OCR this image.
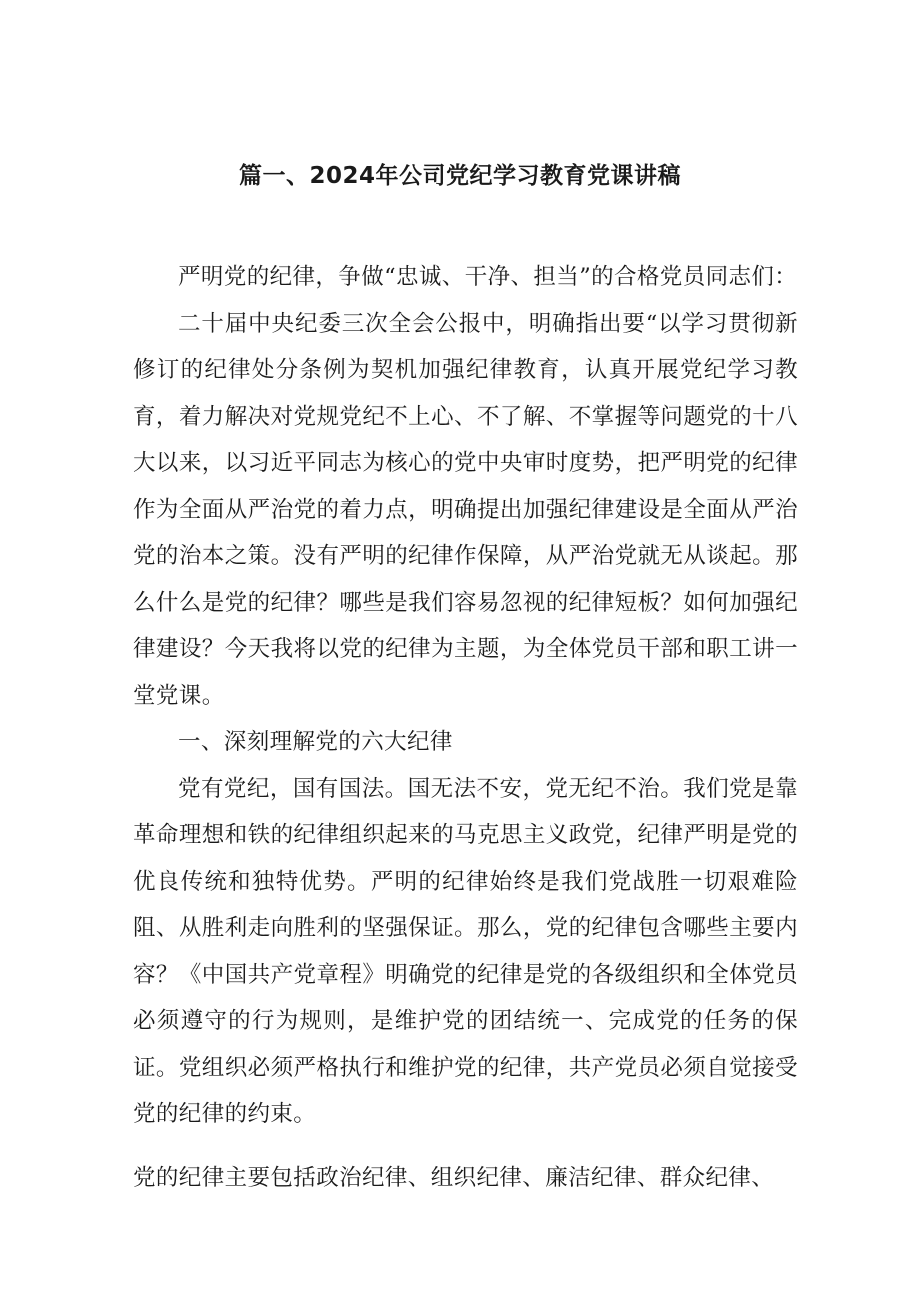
篇一、2024年公司党纪学习教育党课讲稿

严明党的纪律，争做“忠诚、干净、担当”的合格党员同志们：

二十届中央纪委三次全会公报中，明确指出要“以学习贯彻新修订的纪律处分条例为契机加强纪律教育，认真开展党纪学习教育，着力解决对党规党纪不上心、不了解、不掌握等问题党的十八大以来，以习近平同志为核心的党中央审时度势，把严明党的纪律作为全面从严治党的着力点，明确提出加强纪律建设是全面从严治党的治本之策。没有严明的纪律作保障，从严治党就无从谈起。那么什么是党的纪律？哪些是我们容易忽视的纪律短板？如何加强纪律建设？今天我将以党的纪律为主题，为全体党员干部和职工讲一堂党课。

一、深刻理解党的六大纪律

党有党纪，国有国法。国无法不安，党无纪不治。我们党是靠革命理想和铁的纪律组织起来的马克思主义政党，纪律严明是党的优良传统和独特优势。严明的纪律始终是我们党战胜一切艰难险阻、从胜利走向胜利的坚强保证。那么，党的纪律包含哪些主要内容？《中国共产党章程》明确党的纪律是党的各级组织和全体党员必须遵守的行为规则，是维护党的团结统一、完成党的任务的保证。党组织必须严格执行和维护党的纪律，共产党员必须自觉接受党的纪律的约束。

党的纪律主要包括政治纪律、组织纪律、廉洁纪律、群众纪律、
